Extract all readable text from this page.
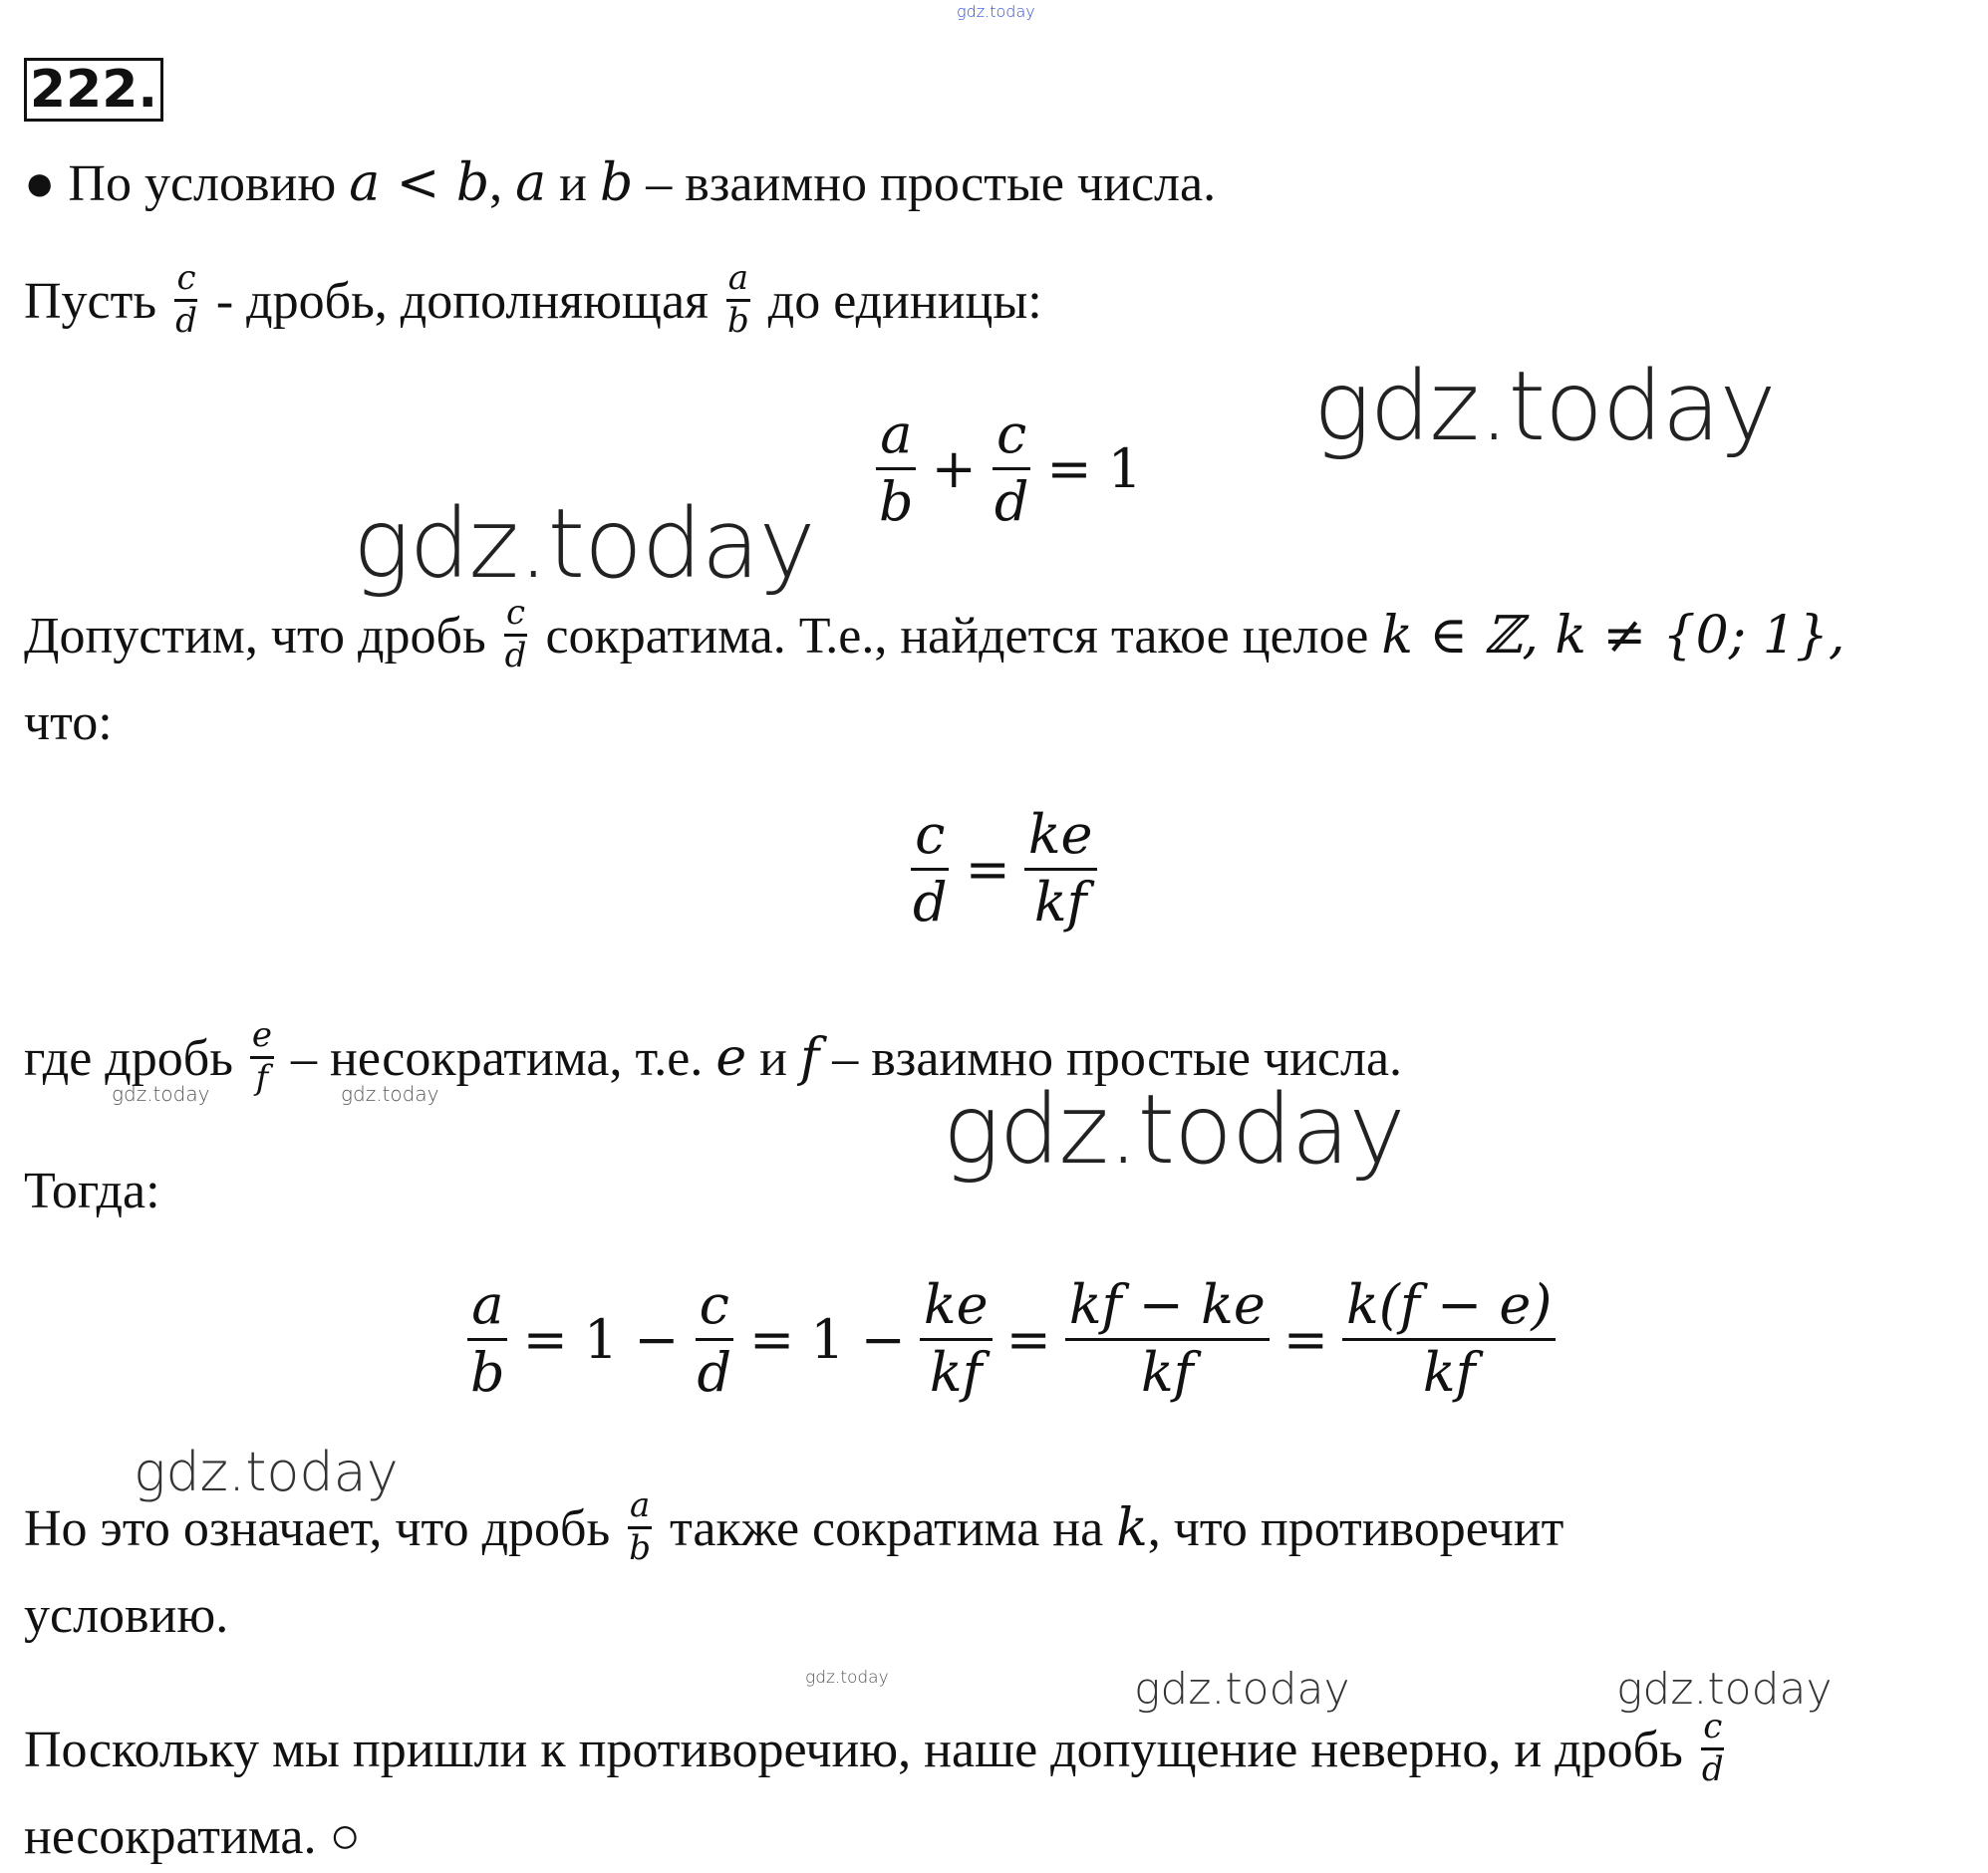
222.
gdz.today
● По условию a < b, a и b – взаимно простые числа.
Пусть $\frac{c}{d}$ - дробь, дополняющая $\frac{a}{b}$ до единицы:
gdz.today
$\frac{a}{b} + \frac{c}{d} = 1$
gdz.today
Допустим, что дробь $\frac{c}{d}$ сократима. Т.е., найдется такое целое k ∈ ℤ, k ≠ {0; 1},
что:
$\frac{c}{d} = \frac{ke}{kf}$
где дробь $\frac{e}{f}$ – несократима, т.е. e и f – взаимно простые числа.
gdz.today	gdz.today	gdz.today
Тогда:
$\frac{a}{b} = 1 - \frac{c}{d} = 1 - \frac{ke}{kf} = \frac{kf - ke}{kf} = \frac{k(f - e)}{kf}$
gdz.today
Но это означает, что дробь $\frac{a}{b}$ также сократима на k, что противоречит
условию.
gdz.today	gdz.today	gdz.today
Поскольку мы пришли к противоречию, наше допущение неверно, и дробь $\frac{c}{d}$
несократима. ○
